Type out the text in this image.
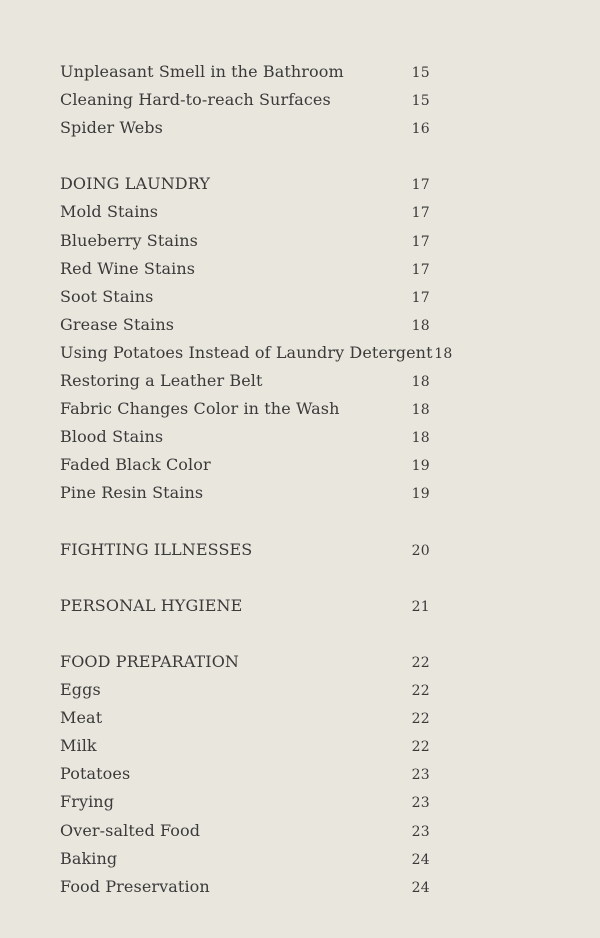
Unpleasant Smell in the Bathroom	15
Cleaning Hard-to-reach Surfaces	15
Spider Webs	16
DOING LAUNDRY	17
Mold Stains	17
Blueberry Stains	17
Red Wine Stains	17
Soot Stains	17
Grease Stains	18
Using Potatoes Instead of Laundry Detergent 18
Restoring a Leather Belt	18
Fabric Changes Color in the Wash	18
Blood Stains	18
Faded Black Color	19
Pine Resin Stains	19
FIGHTING ILLNESSES	20
PERSONAL HYGIENE	21
FOOD PREPARATION	22
Eggs	22
Meat	22
Milk	22
Potatoes	23
Frying	23
Over-salted Food	23
Baking	24
Food Preservation	24
